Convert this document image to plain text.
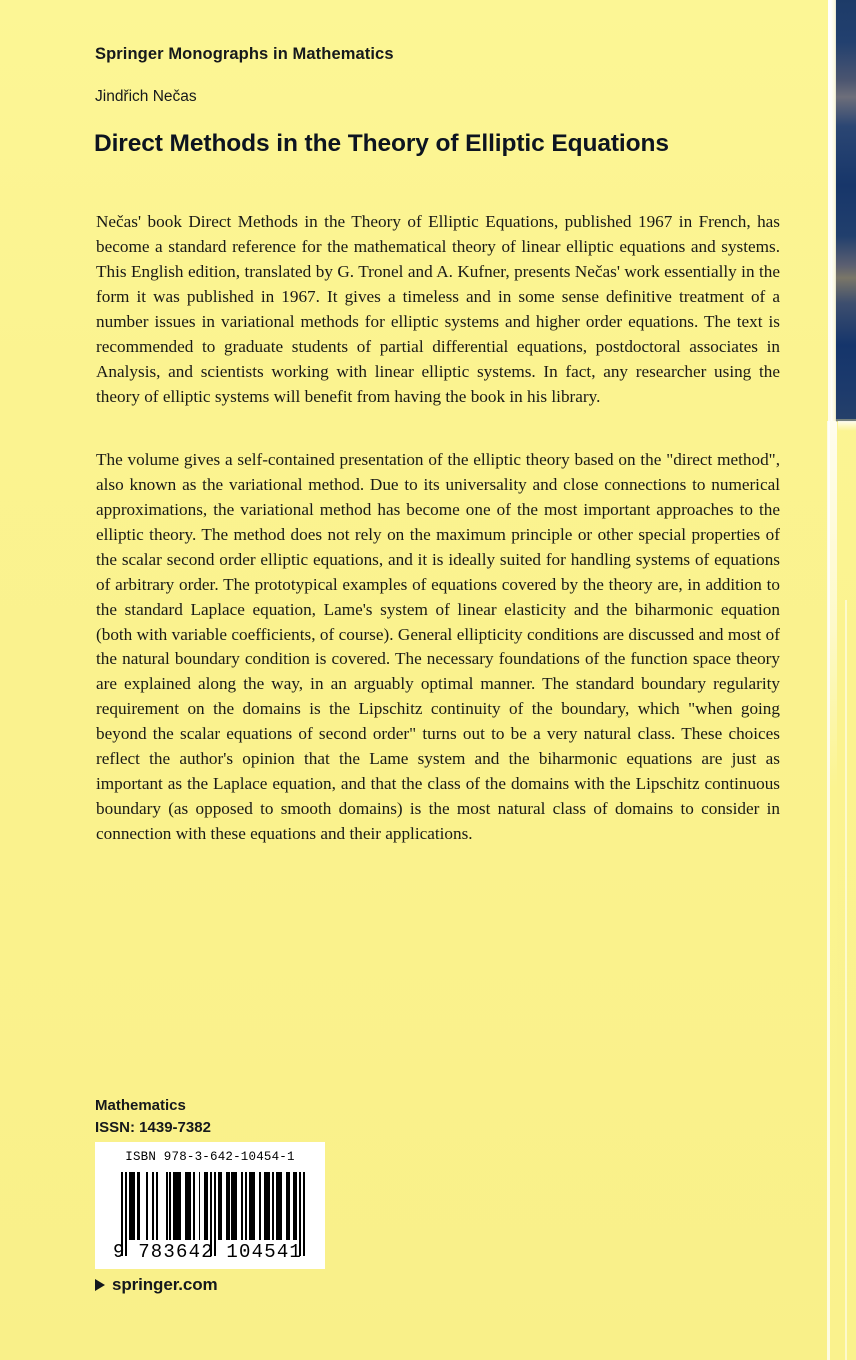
Springer Monographs in Mathematics
Jindřich Nečas
Direct Methods in the Theory of Elliptic Equations

Nečas' book Direct Methods in the Theory of Elliptic Equations, published 1967 in French, has become a standard reference for the mathematical theory of linear elliptic equations and systems. This English edition, translated by G. Tronel and A. Kufner, presents Nečas' work essentially in the form it was published in 1967. It gives a timeless and in some sense definitive treatment of a number issues in variational methods for elliptic systems and higher order equations. The text is recommended to graduate students of partial differential equations, postdoctoral associates in Analysis, and scientists working with linear elliptic systems. In fact, any researcher using the theory of elliptic systems will benefit from having the book in his library.

The volume gives a self-contained presentation of the elliptic theory based on the "direct method", also known as the variational method. Due to its universality and close connections to numerical approximations, the variational method has become one of the most important approaches to the elliptic theory. The method does not rely on the maximum principle or other special properties of the scalar second order elliptic equations, and it is ideally suited for handling systems of equations of arbitrary order. The prototypical examples of equations covered by the theory are, in addition to the standard Laplace equation, Lame's system of linear elasticity and the biharmonic equation (both with variable coefficients, of course). General ellipticity conditions are discussed and most of the natural boundary condition is covered. The necessary foundations of the function space theory are explained along the way, in an arguably optimal manner. The standard boundary regularity requirement on the domains is the Lipschitz continuity of the boundary, which "when going beyond the scalar equations of second order" turns out to be a very natural class. These choices reflect the author's opinion that the Lame system and the biharmonic equations are just as important as the Laplace equation, and that the class of the domains with the Lipschitz continuous boundary (as opposed to smooth domains) is the most natural class of domains to consider in connection with these equations and their applications.

Mathematics
ISSN: 1439-7382
ISBN 978-3-642-10454-1
9 783642 104541
springer.com
